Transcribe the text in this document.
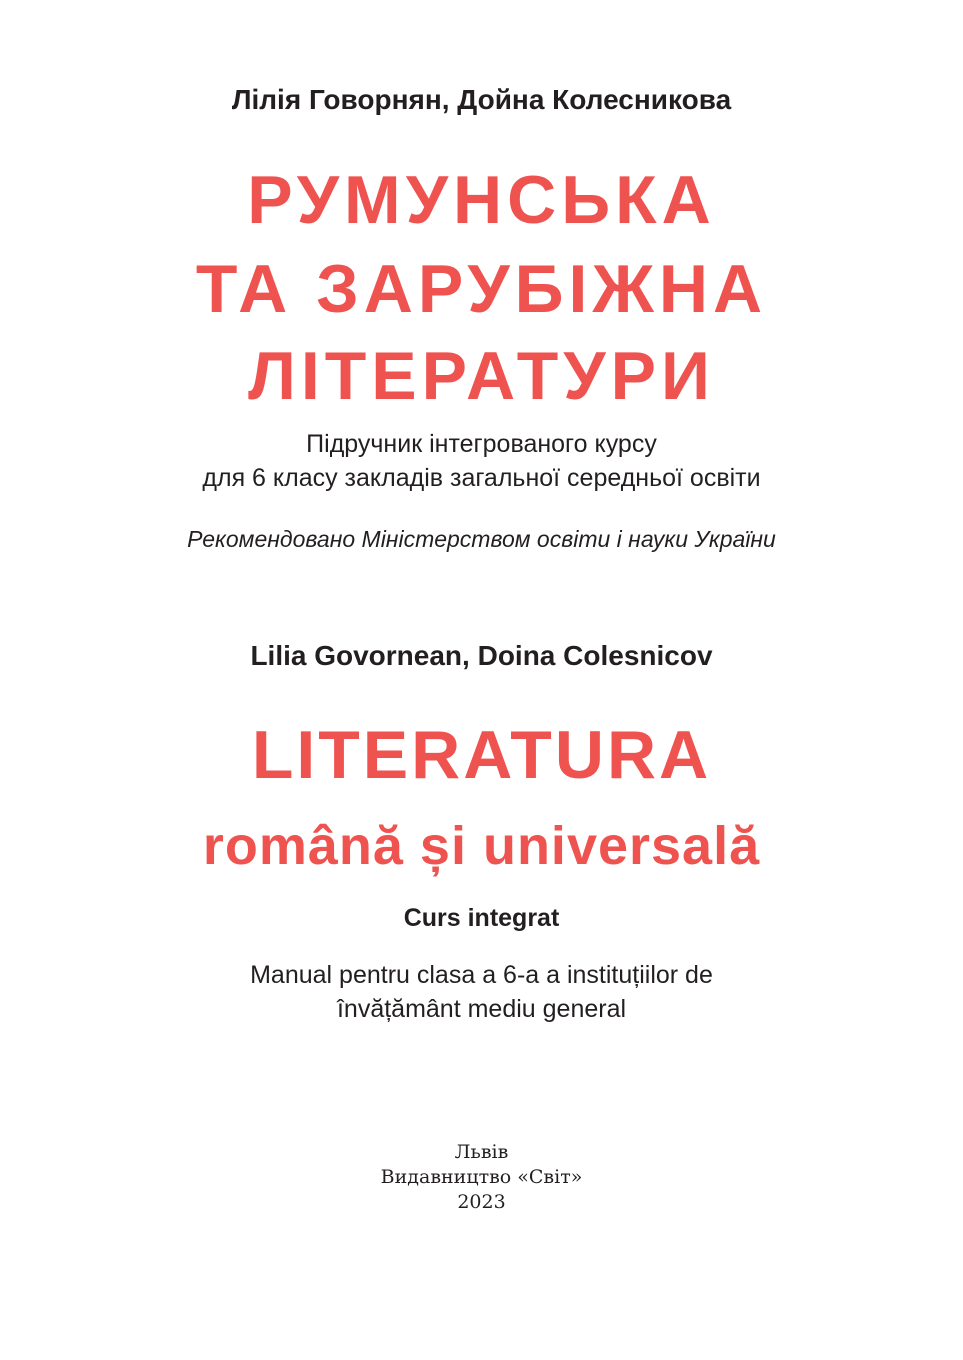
Лілія Говорнян, Дойна Колесникова
РУМУНСЬКА
ТА ЗАРУБІЖНА
ЛІТЕРАТУРИ
Підручник інтегрованого курсу
для 6 класу закладів загальної середньої освіти
Рекомендовано Міністерством освіти і науки України
Lilia Govornean, Doina Colesnicov
LITERATURA
română și universală
Curs integrat
Manual pentru clasa a 6-a a instituțiilor de
învățământ mediu general
Львів
Видавництво «Світ»
2023
